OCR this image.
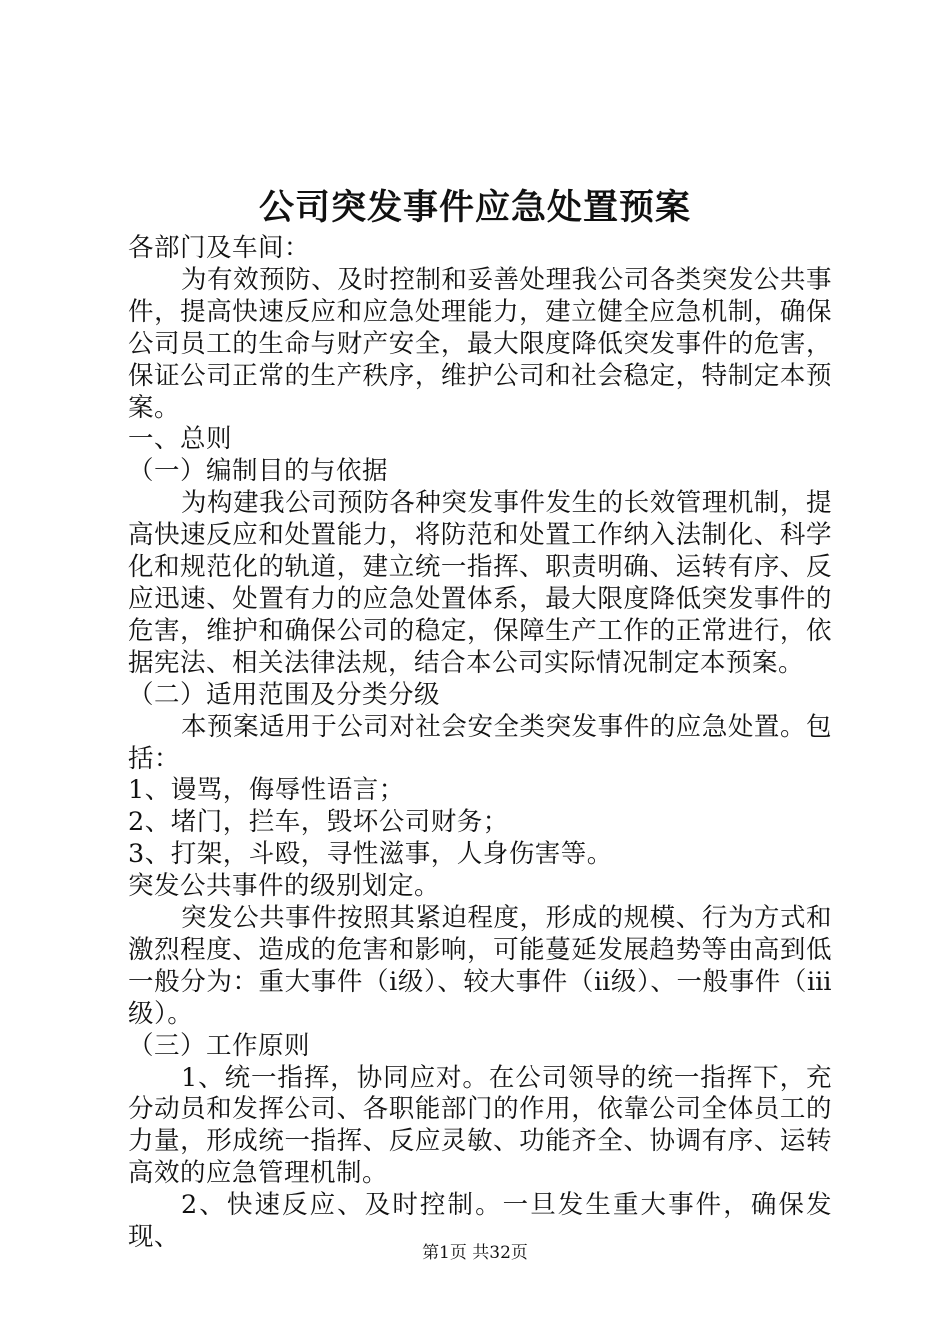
公司突发事件应急处置预案

各部门及车间：

为有效预防、及时控制和妥善处理我公司各类突发公共事件，提高快速反应和应急处理能力，建立健全应急机制，确保公司员工的生命与财产安全，最大限度降低突发事件的危害，保证公司正常的生产秩序，维护公司和社会稳定，特制定本预案。

一、总则

（一）编制目的与依据

为构建我公司预防各种突发事件发生的长效管理机制，提高快速反应和处置能力，将防范和处置工作纳入法制化、科学化和规范化的轨道，建立统一指挥、职责明确、运转有序、反应迅速、处置有力的应急处置体系，最大限度降低突发事件的危害，维护和确保公司的稳定，保障生产工作的正常进行，依据宪法、相关法律法规，结合本公司实际情况制定本预案。

（二）适用范围及分类分级

本预案适用于公司对社会安全类突发事件的应急处置。包括：

1、谩骂，侮辱性语言；

2、堵门，拦车，毁坏公司财务；

3、打架，斗殴，寻性滋事，人身伤害等。

突发公共事件的级别划定。

突发公共事件按照其紧迫程度，形成的规模、行为方式和激烈程度、造成的危害和影响，可能蔓延发展趋势等由高到低一般分为：重大事件（ⅰ级）、较大事件（ⅱ级）、一般事件（ⅲ级）。

（三）工作原则

1、统一指挥，协同应对。在公司领导的统一指挥下，充分动员和发挥公司、各职能部门的作用，依靠公司全体员工的力量，形成统一指挥、反应灵敏、功能齐全、协调有序、运转高效的应急管理机制。

2、快速反应、及时控制。一旦发生重大事件，确保发现、

第1页 共32页
